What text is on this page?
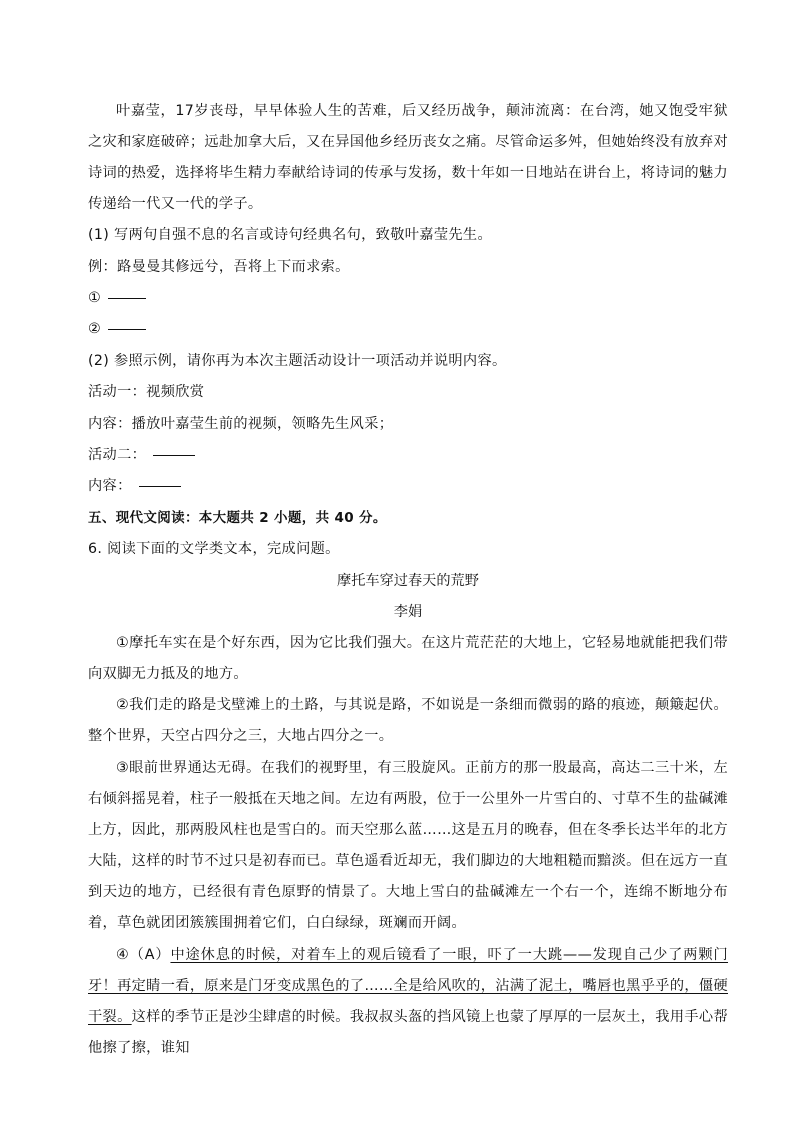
叶嘉莹，17岁丧母，早早体验人生的苦难，后又经历战争，颠沛流离：在台湾，她又饱受牢狱之灾和家庭破碎；远赴加拿大后，又在异国他乡经历丧女之痛。尽管命运多舛，但她始终没有放弃对诗词的热爱，选择将毕生精力奉献给诗词的传承与发扬，数十年如一日地站在讲台上，将诗词的魅力传递给一代又一代的学子。

(1) 写两句自强不息的名言或诗句经典名句，致敬叶嘉莹先生。

例：路曼曼其修远兮，吾将上下而求索。

①

②

(2) 参照示例，请你再为本次主题活动设计一项活动并说明内容。

活动一：视频欣赏

内容：播放叶嘉莹生前的视频，领略先生风采；

活动二：

内容：

五、现代文阅读：本大题共 2 小题，共 40 分。

6. 阅读下面的文学类文本，完成问题。

摩托车穿过春天的荒野
李娟

①摩托车实在是个好东西，因为它比我们强大。在这片荒茫茫的大地上，它轻易地就能把我们带向双脚无力抵及的地方。

②我们走的路是戈壁滩上的土路，与其说是路，不如说是一条细而微弱的路的痕迹，颠簸起伏。整个世界，天空占四分之三，大地占四分之一。

③眼前世界通达无碍。在我们的视野里，有三股旋风。正前方的那一股最高，高达二三十米，左右倾斜摇晃着，柱子一般抵在天地之间。左边有两股，位于一公里外一片雪白的、寸草不生的盐碱滩上方，因此，那两股风柱也是雪白的。而天空那么蓝……这是五月的晚春，但在冬季长达半年的北方大陆，这样的时节不过只是初春而已。草色遥看近却无，我们脚边的大地粗糙而黯淡。但在远方一直到天边的地方，已经很有青色原野的情景了。大地上雪白的盐碱滩左一个右一个，连绵不断地分布着，草色就团团簇簇围拥着它们，白白绿绿，斑斓而开阔。

④（A）中途休息的时候，对着车上的观后镜看了一眼，吓了一大跳——发现自己少了两颗门牙！再定睛一看，原来是门牙变成黑色的了……全是给风吹的，沾满了泥土，嘴唇也黑乎乎的，僵硬干裂。这样的季节正是沙尘肆虐的时候。我叔叔头盔的挡风镜上也蒙了厚厚的一层灰土，我用手心帮他擦了擦，谁知
